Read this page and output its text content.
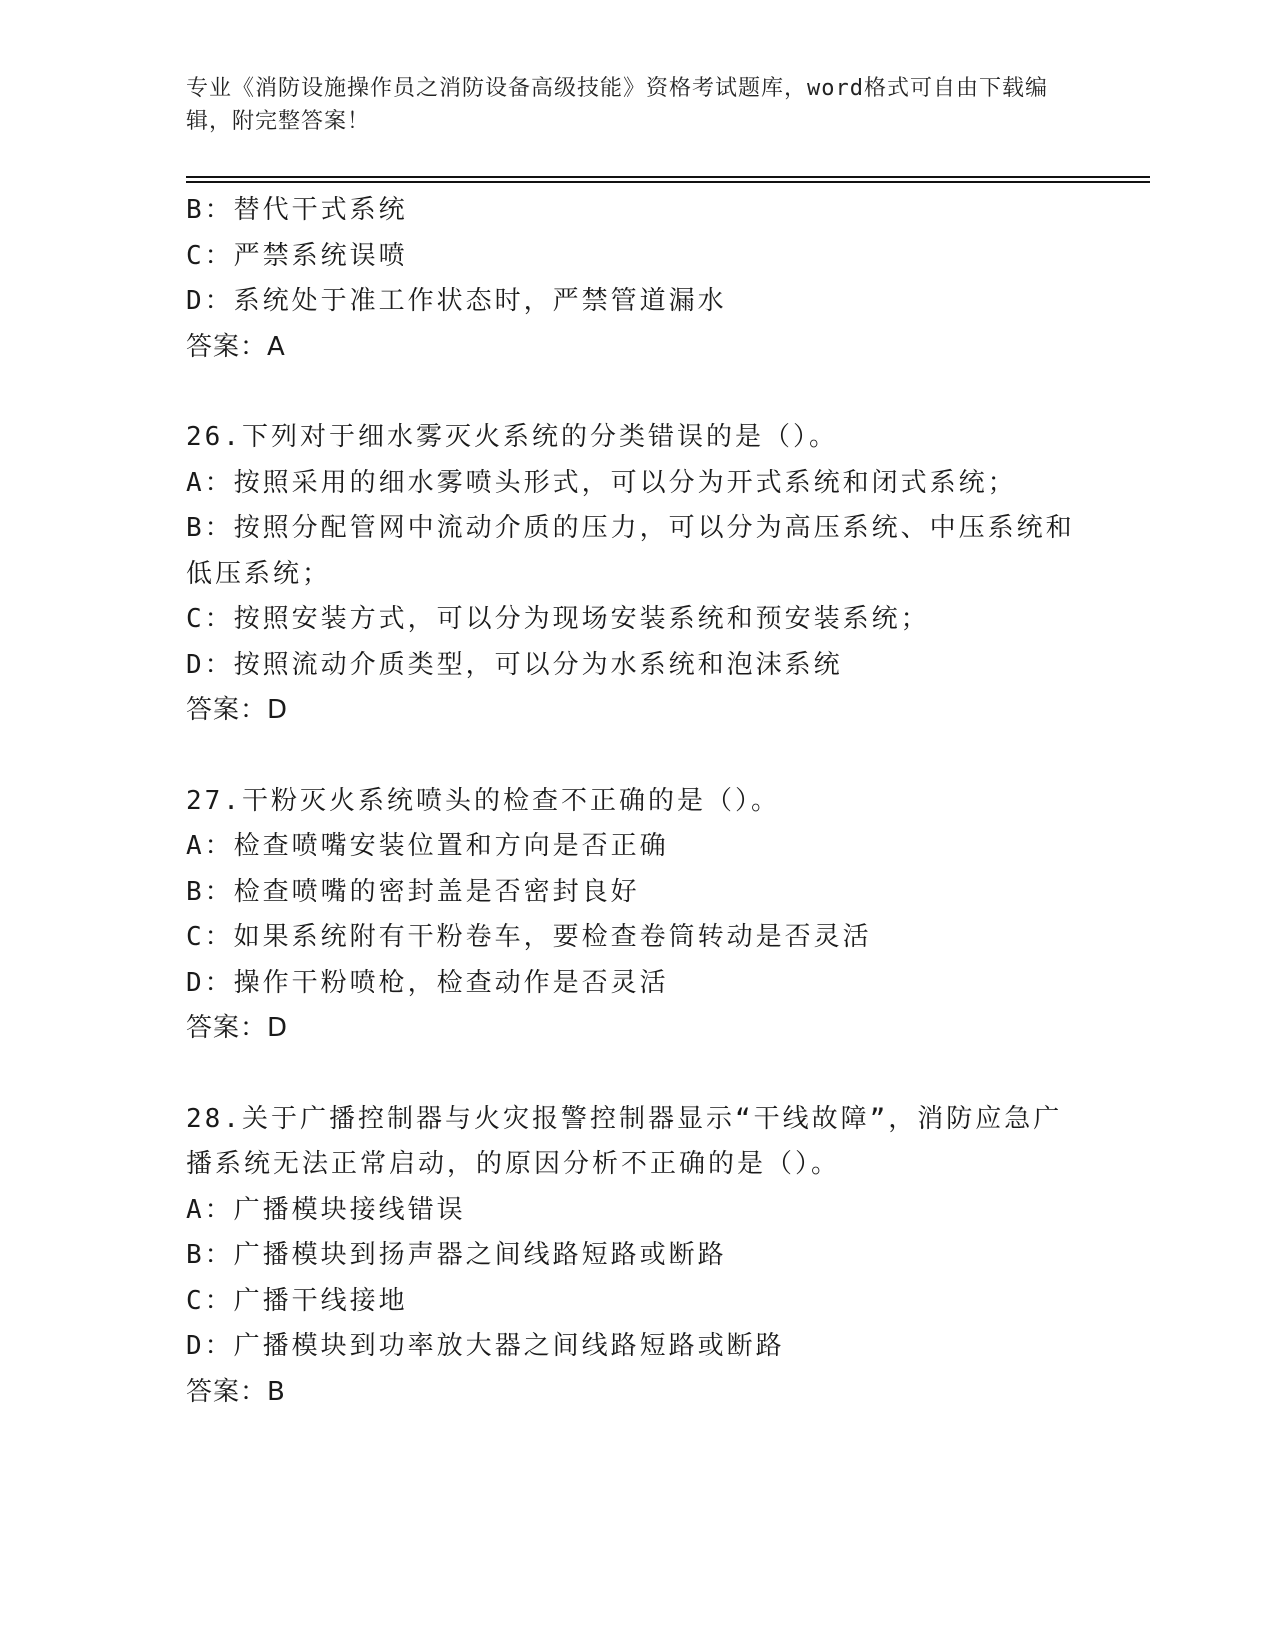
专业《消防设施操作员之消防设备高级技能》资格考试题库，word格式可自由下载编辑，附完整答案！
B：替代干式系统
C：严禁系统误喷
D：系统处于准工作状态时，严禁管道漏水
答案：A
26.下列对于细水雾灭火系统的分类错误的是（）。
A：按照采用的细水雾喷头形式，可以分为开式系统和闭式系统；
B：按照分配管网中流动介质的压力，可以分为高压系统、中压系统和低压系统；
C：按照安装方式，可以分为现场安装系统和预安装系统；
D：按照流动介质类型，可以分为水系统和泡沫系统
答案：D
27.干粉灭火系统喷头的检查不正确的是（）。
A：检查喷嘴安装位置和方向是否正确
B：检查喷嘴的密封盖是否密封良好
C：如果系统附有干粉卷车，要检查卷筒转动是否灵活
D：操作干粉喷枪，检查动作是否灵活
答案：D
28.关于广播控制器与火灾报警控制器显示“干线故障”，消防应急广播系统无法正常启动，的原因分析不正确的是（）。
A：广播模块接线错误
B：广播模块到扬声器之间线路短路或断路
C：广播干线接地
D：广播模块到功率放大器之间线路短路或断路
答案：B
